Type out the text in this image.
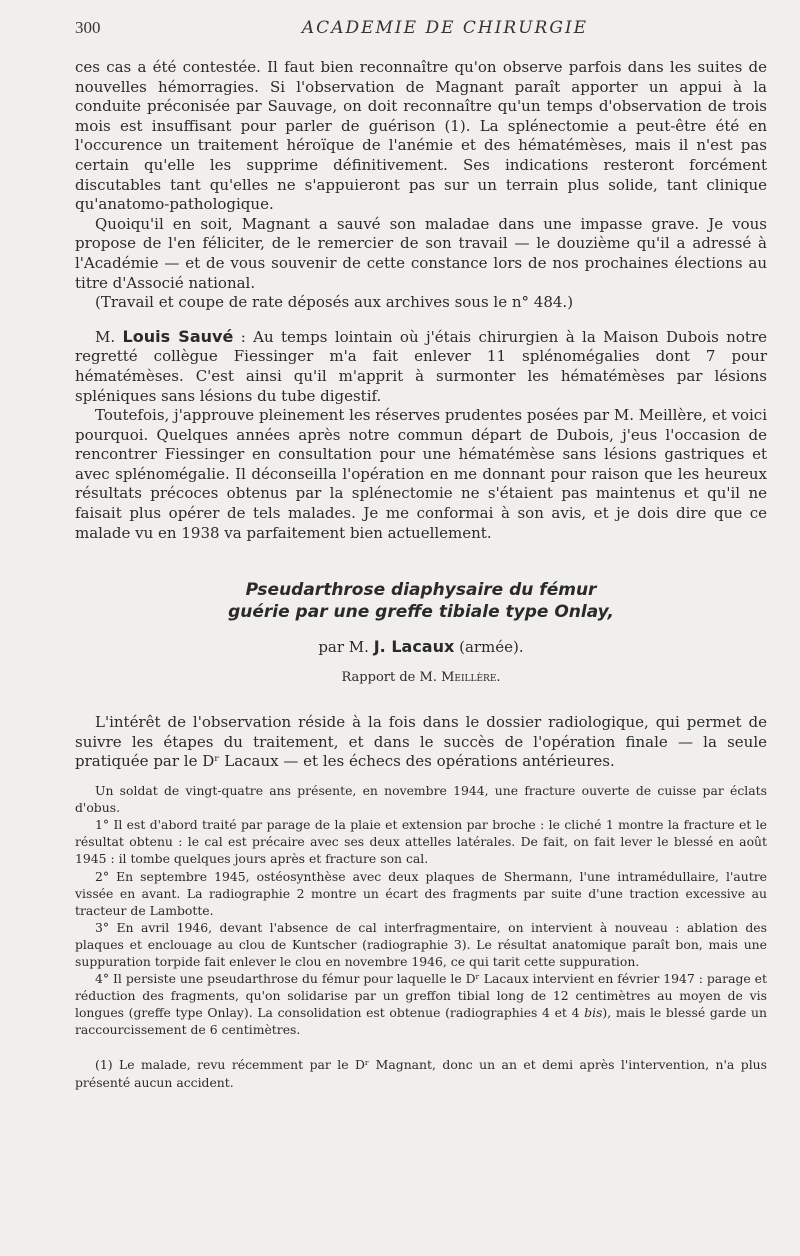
300	ACADEMIE DE CHIRURGIE

ces cas a été contestée. Il faut bien reconnaître qu'on observe parfois dans les suites de nouvelles hémorragies. Si l'observation de Magnant paraît apporter un appui à la conduite préconisée par Sauvage, on doit reconnaître qu'un temps d'observation de trois mois est insuffisant pour parler de guérison (1). La splénectomie a peut-être été en l'occurence un traitement héroïque de l'anémie et des hématémèses, mais il n'est pas certain qu'elle les supprime définitivement. Ses indications resteront forcément discutables tant qu'elles ne s'appuieront pas sur un terrain plus solide, tant clinique qu'anatomo-pathologique.

Quoiqu'il en soit, Magnant a sauvé son maladae dans une impasse grave. Je vous propose de l'en féliciter, de le remercier de son travail — le douzième qu'il a adressé à l'Académie — et de vous souvenir de cette constance lors de nos prochaines élections au titre d'Associé national.

(Travail et coupe de rate déposés aux archives sous le n° 484.)

M. Louis Sauvé : Au temps lointain où j'étais chirurgien à la Maison Dubois notre regretté collègue Fiessinger m'a fait enlever 11 splénomégalies dont 7 pour hématémèses. C'est ainsi qu'il m'apprit à surmonter les hématémèses par lésions spléniques sans lésions du tube digestif.

Toutefois, j'approuve pleinement les réserves prudentes posées par M. Meillère, et voici pourquoi. Quelques années après notre commun départ de Dubois, j'eus l'occasion de rencontrer Fiessinger en consultation pour une hématémèse sans lésions gastriques et avec splénomégalie. Il déconseilla l'opération en me donnant pour raison que les heureux résultats précoces obtenus par la splénectomie ne s'étaient pas maintenus et qu'il ne faisait plus opérer de tels malades. Je me conformai à son avis, et je dois dire que ce malade vu en 1938 va parfaitement bien actuellement.

Pseudarthrose diaphysaire du fémur
guérie par une greffe tibiale type Onlay,
par M. J. Lacaux (armée).
Rapport de M. Meillère.

L'intérêt de l'observation réside à la fois dans le dossier radiologique, qui permet de suivre les étapes du traitement, et dans le succès de l'opération finale — la seule pratiquée par le Dʳ Lacaux — et les échecs des opérations antérieures.

Un soldat de vingt-quatre ans présente, en novembre 1944, une fracture ouverte de cuisse par éclats d'obus.

1° Il est d'abord traité par parage de la plaie et extension par broche : le cliché 1 montre la fracture et le résultat obtenu : le cal est précaire avec ses deux attelles latérales. De fait, on fait lever le blessé en août 1945 : il tombe quelques jours après et fracture son cal.

2° En septembre 1945, ostéosynthèse avec deux plaques de Shermann, l'une intramédullaire, l'autre vissée en avant. La radiographie 2 montre un écart des fragments par suite d'une traction excessive au tracteur de Lambotte.

3° En avril 1946, devant l'absence de cal interfragmentaire, on intervient à nouveau : ablation des plaques et enclouage au clou de Kuntscher (radiographie 3). Le résultat anatomique paraît bon, mais une suppuration torpide fait enlever le clou en novembre 1946, ce qui tarit cette suppuration.

4° Il persiste une pseudarthrose du fémur pour laquelle le Dʳ Lacaux intervient en février 1947 : parage et réduction des fragments, qu'on solidarise par un greffon tibial long de 12 centimètres au moyen de vis longues (greffe type Onlay). La consolidation est obtenue (radiographies 4 et 4 bis), mais le blessé garde un raccourcissement de 6 centimètres.

(1) Le malade, revu récemment par le Dʳ Magnant, donc un an et demi après l'intervention, n'a plus présenté aucun accident.
